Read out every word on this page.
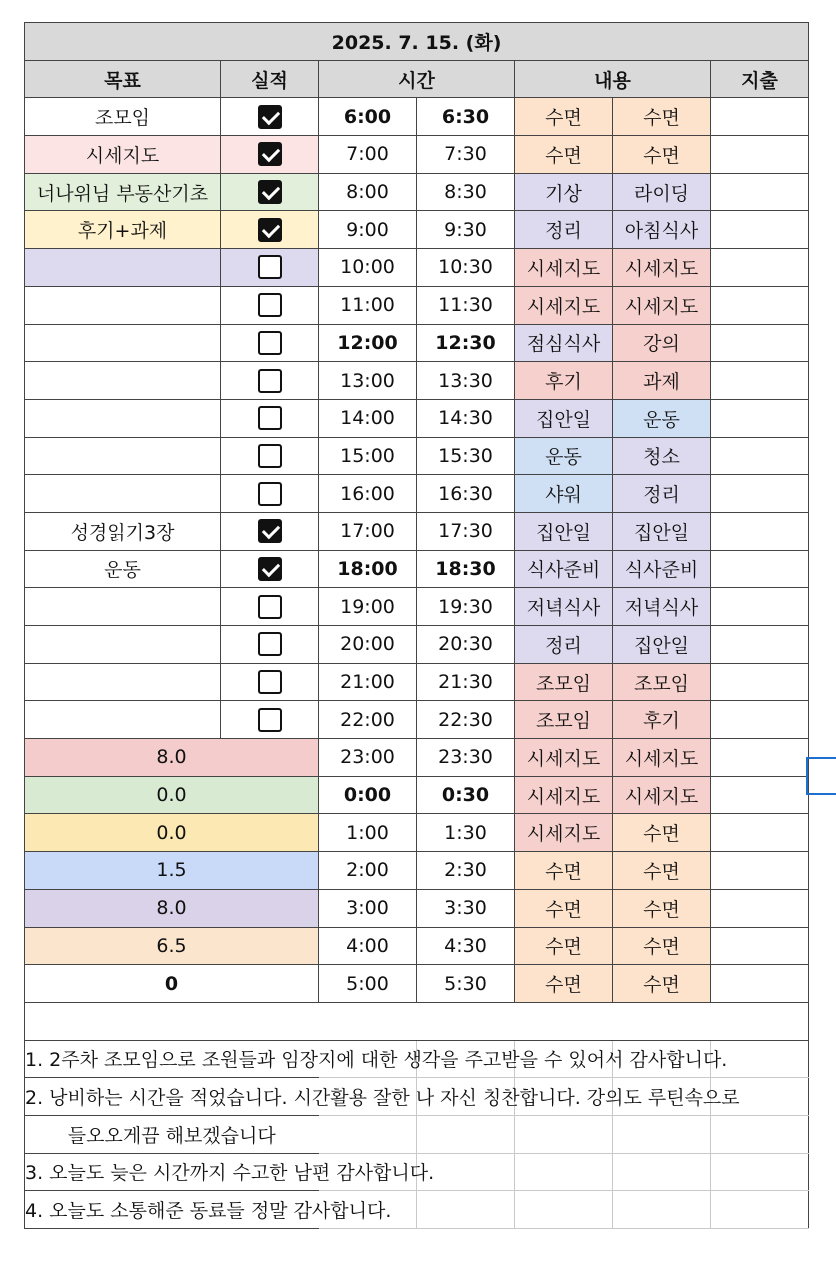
2025. 7. 15. (화)						
목표	실적	시간		내용		지출
조모임		6:00	6:30	수면	수면	
시세지도		7:00	7:30	수면	수면	
너나위님 부동산기초		8:00	8:30	기상	라이딩	
후기+과제		9:00	9:30	정리	아침식사	
		10:00	10:30	시세지도	시세지도	
		11:00	11:30	시세지도	시세지도	
		12:00	12:30	점심식사	강의	
		13:00	13:30	후기	과제	
		14:00	14:30	집안일	운동	
		15:00	15:30	운동	청소	
		16:00	16:30	샤워	정리	
성경읽기3장		17:00	17:30	집안일	집안일	
운동		18:00	18:30	식사준비	식사준비	
		19:00	19:30	저녁식사	저녁식사	
		20:00	20:30	정리	집안일	
		21:00	21:30	조모임	조모임	
		22:00	22:30	조모임	후기	
8.0		23:00	23:30	시세지도	시세지도	
0.0		0:00	0:30	시세지도	시세지도	
0.0		1:00	1:30	시세지도	수면	
1.5		2:00	2:30	수면	수면	
8.0		3:00	3:30	수면	수면	
6.5		4:00	4:30	수면	수면	
0		5:00	5:30	수면	수면	

1. 2주차 조모임으로 조원들과 임장지에 대한 생각을 주고받을 수 있어서 감사합니다.					
2. 낭비하는 시간을 적었습니다. 시간활용 잘한 나 자신 칭찬합니다. 강의도 루틴속으로					
들오오게끔 해보겠습니다					
3. 오늘도 늦은 시간까지 수고한 남편 감사합니다.					
4. 오늘도 소통해준 동료들 정말 감사합니다.					
